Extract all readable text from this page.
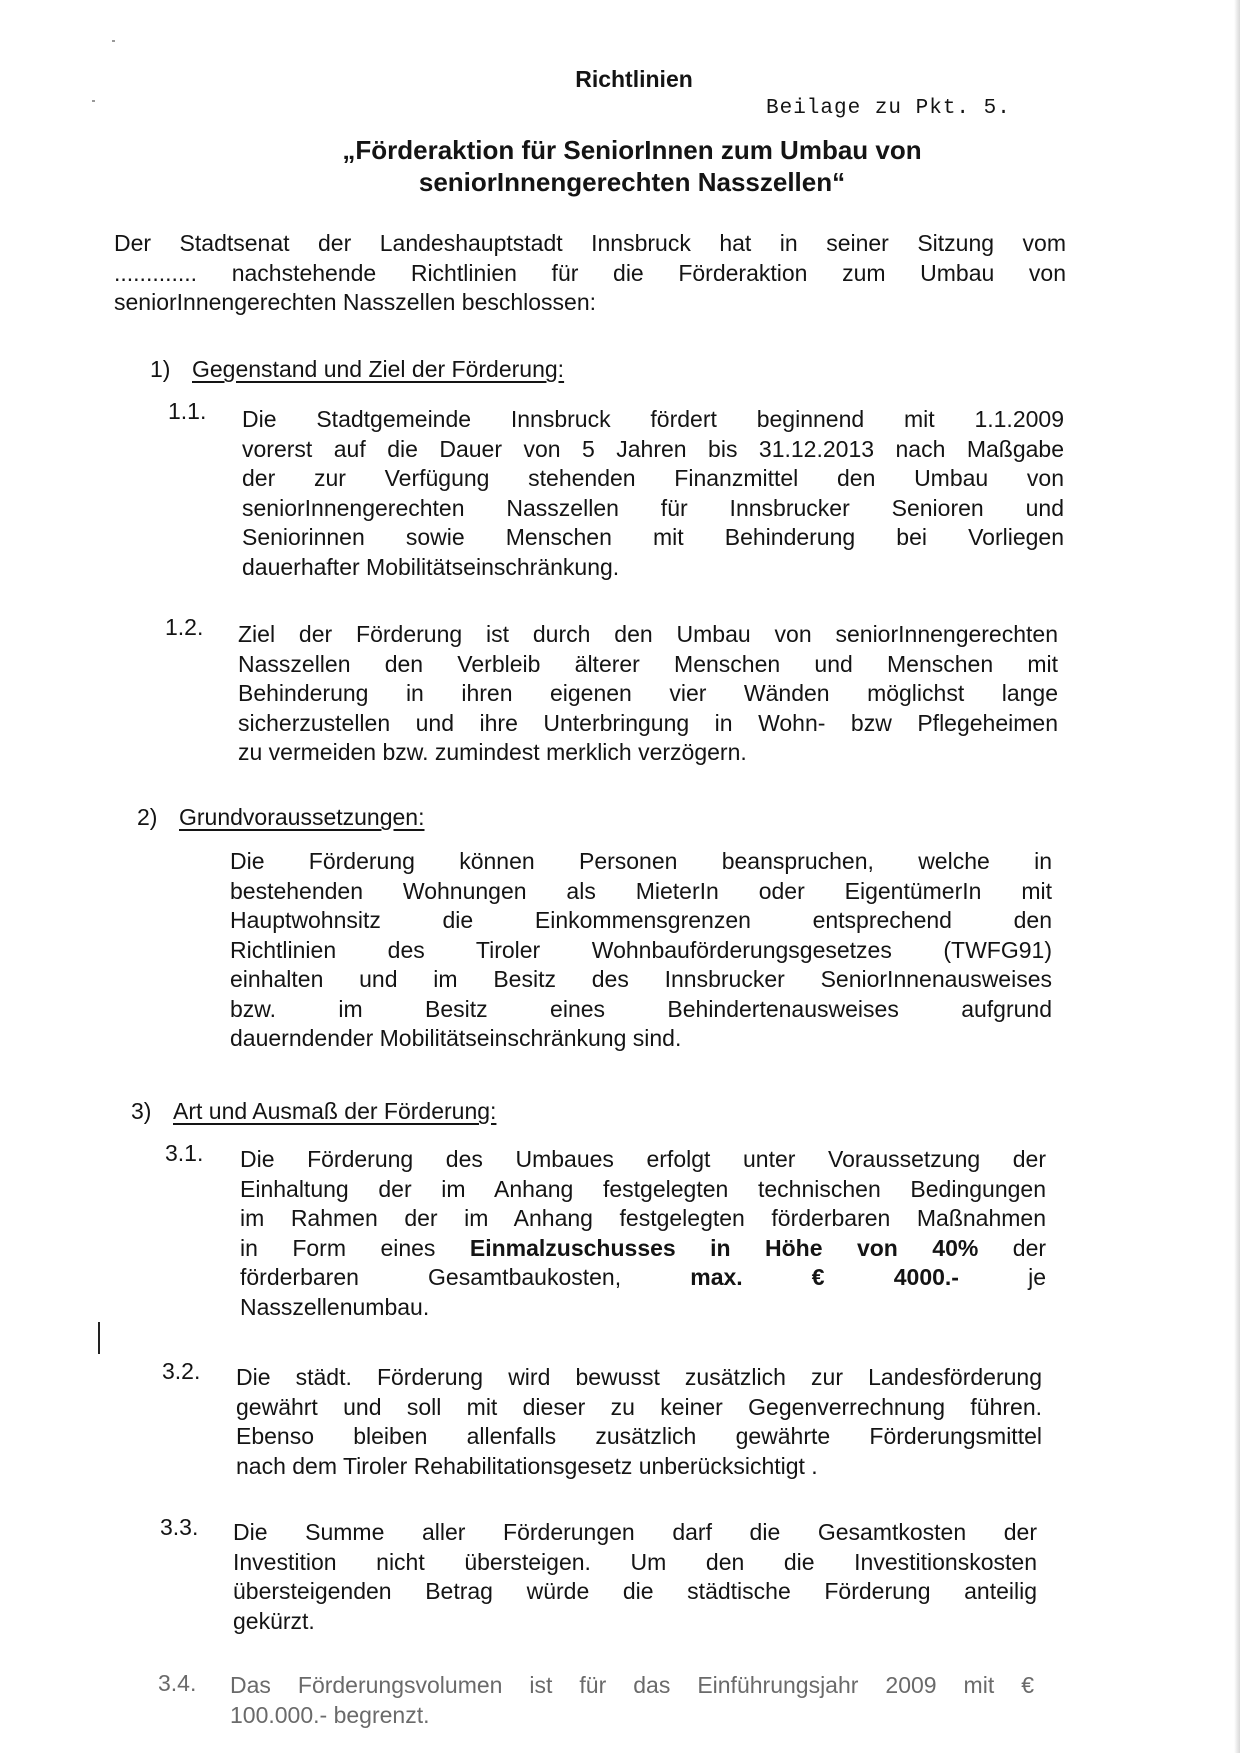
Richtlinien
Beilage zu Pkt. 5.
„Förderaktion für SeniorInnen zum Umbau von
seniorInnengerechten Nasszellen“
Der Stadtsenat der Landeshauptstadt Innsbruck hat in seiner Sitzung vom
............. nachstehende Richtlinien für die Förderaktion zum Umbau von
seniorInnengerechten Nasszellen beschlossen:
1) Gegenstand und Ziel der Förderung:
1.1. Die Stadtgemeinde Innsbruck fördert beginnend mit 1.1.2009
vorerst auf die Dauer von 5 Jahren bis 31.12.2013 nach Maßgabe
der zur Verfügung stehenden Finanzmittel den Umbau von
seniorInnengerechten Nasszellen für Innsbrucker Senioren und
Seniorinnen sowie Menschen mit Behinderung bei Vorliegen
dauerhafter Mobilitätseinschränkung.
1.2. Ziel der Förderung ist durch den Umbau von seniorInnengerechten
Nasszellen den Verbleib älterer Menschen und Menschen mit
Behinderung in ihren eigenen vier Wänden möglichst lange
sicherzustellen und ihre Unterbringung in Wohn- bzw Pflegeheimen
zu vermeiden bzw. zumindest merklich verzögern.
2) Grundvoraussetzungen:
Die Förderung können Personen beanspruchen, welche in
bestehenden Wohnungen als MieterIn oder EigentümerIn mit
Hauptwohnsitz die Einkommensgrenzen entsprechend den
Richtlinien des Tiroler Wohnbauförderungsgesetzes (TWFG91)
einhalten und im Besitz des Innsbrucker SeniorInnenausweises
bzw. im Besitz eines Behindertenausweises aufgrund
dauerndender Mobilitätseinschränkung sind.
3) Art und Ausmaß der Förderung:
3.1. Die Förderung des Umbaues erfolgt unter Voraussetzung der
Einhaltung der im Anhang festgelegten technischen Bedingungen
im Rahmen der im Anhang festgelegten förderbaren Maßnahmen
in Form eines Einmalzuschusses in Höhe von 40% der
förderbaren Gesamtbaukosten,	max. € 4000.-	je
Nasszellenumbau.
3.2. Die städt. Förderung wird bewusst zusätzlich zur Landesförderung
gewährt und soll mit dieser zu keiner Gegenverrechnung führen.
Ebenso bleiben allenfalls zusätzlich gewährte Förderungsmittel
nach dem Tiroler Rehabilitationsgesetz unberücksichtigt .
3.3. Die Summe aller Förderungen darf die Gesamtkosten der
Investition nicht übersteigen. Um den die Investitionskosten
übersteigenden Betrag würde die städtische Förderung anteilig
gekürzt.
3.4. Das Förderungsvolumen ist für das Einführungsjahr 2009 mit €
100.000.- begrenzt.
